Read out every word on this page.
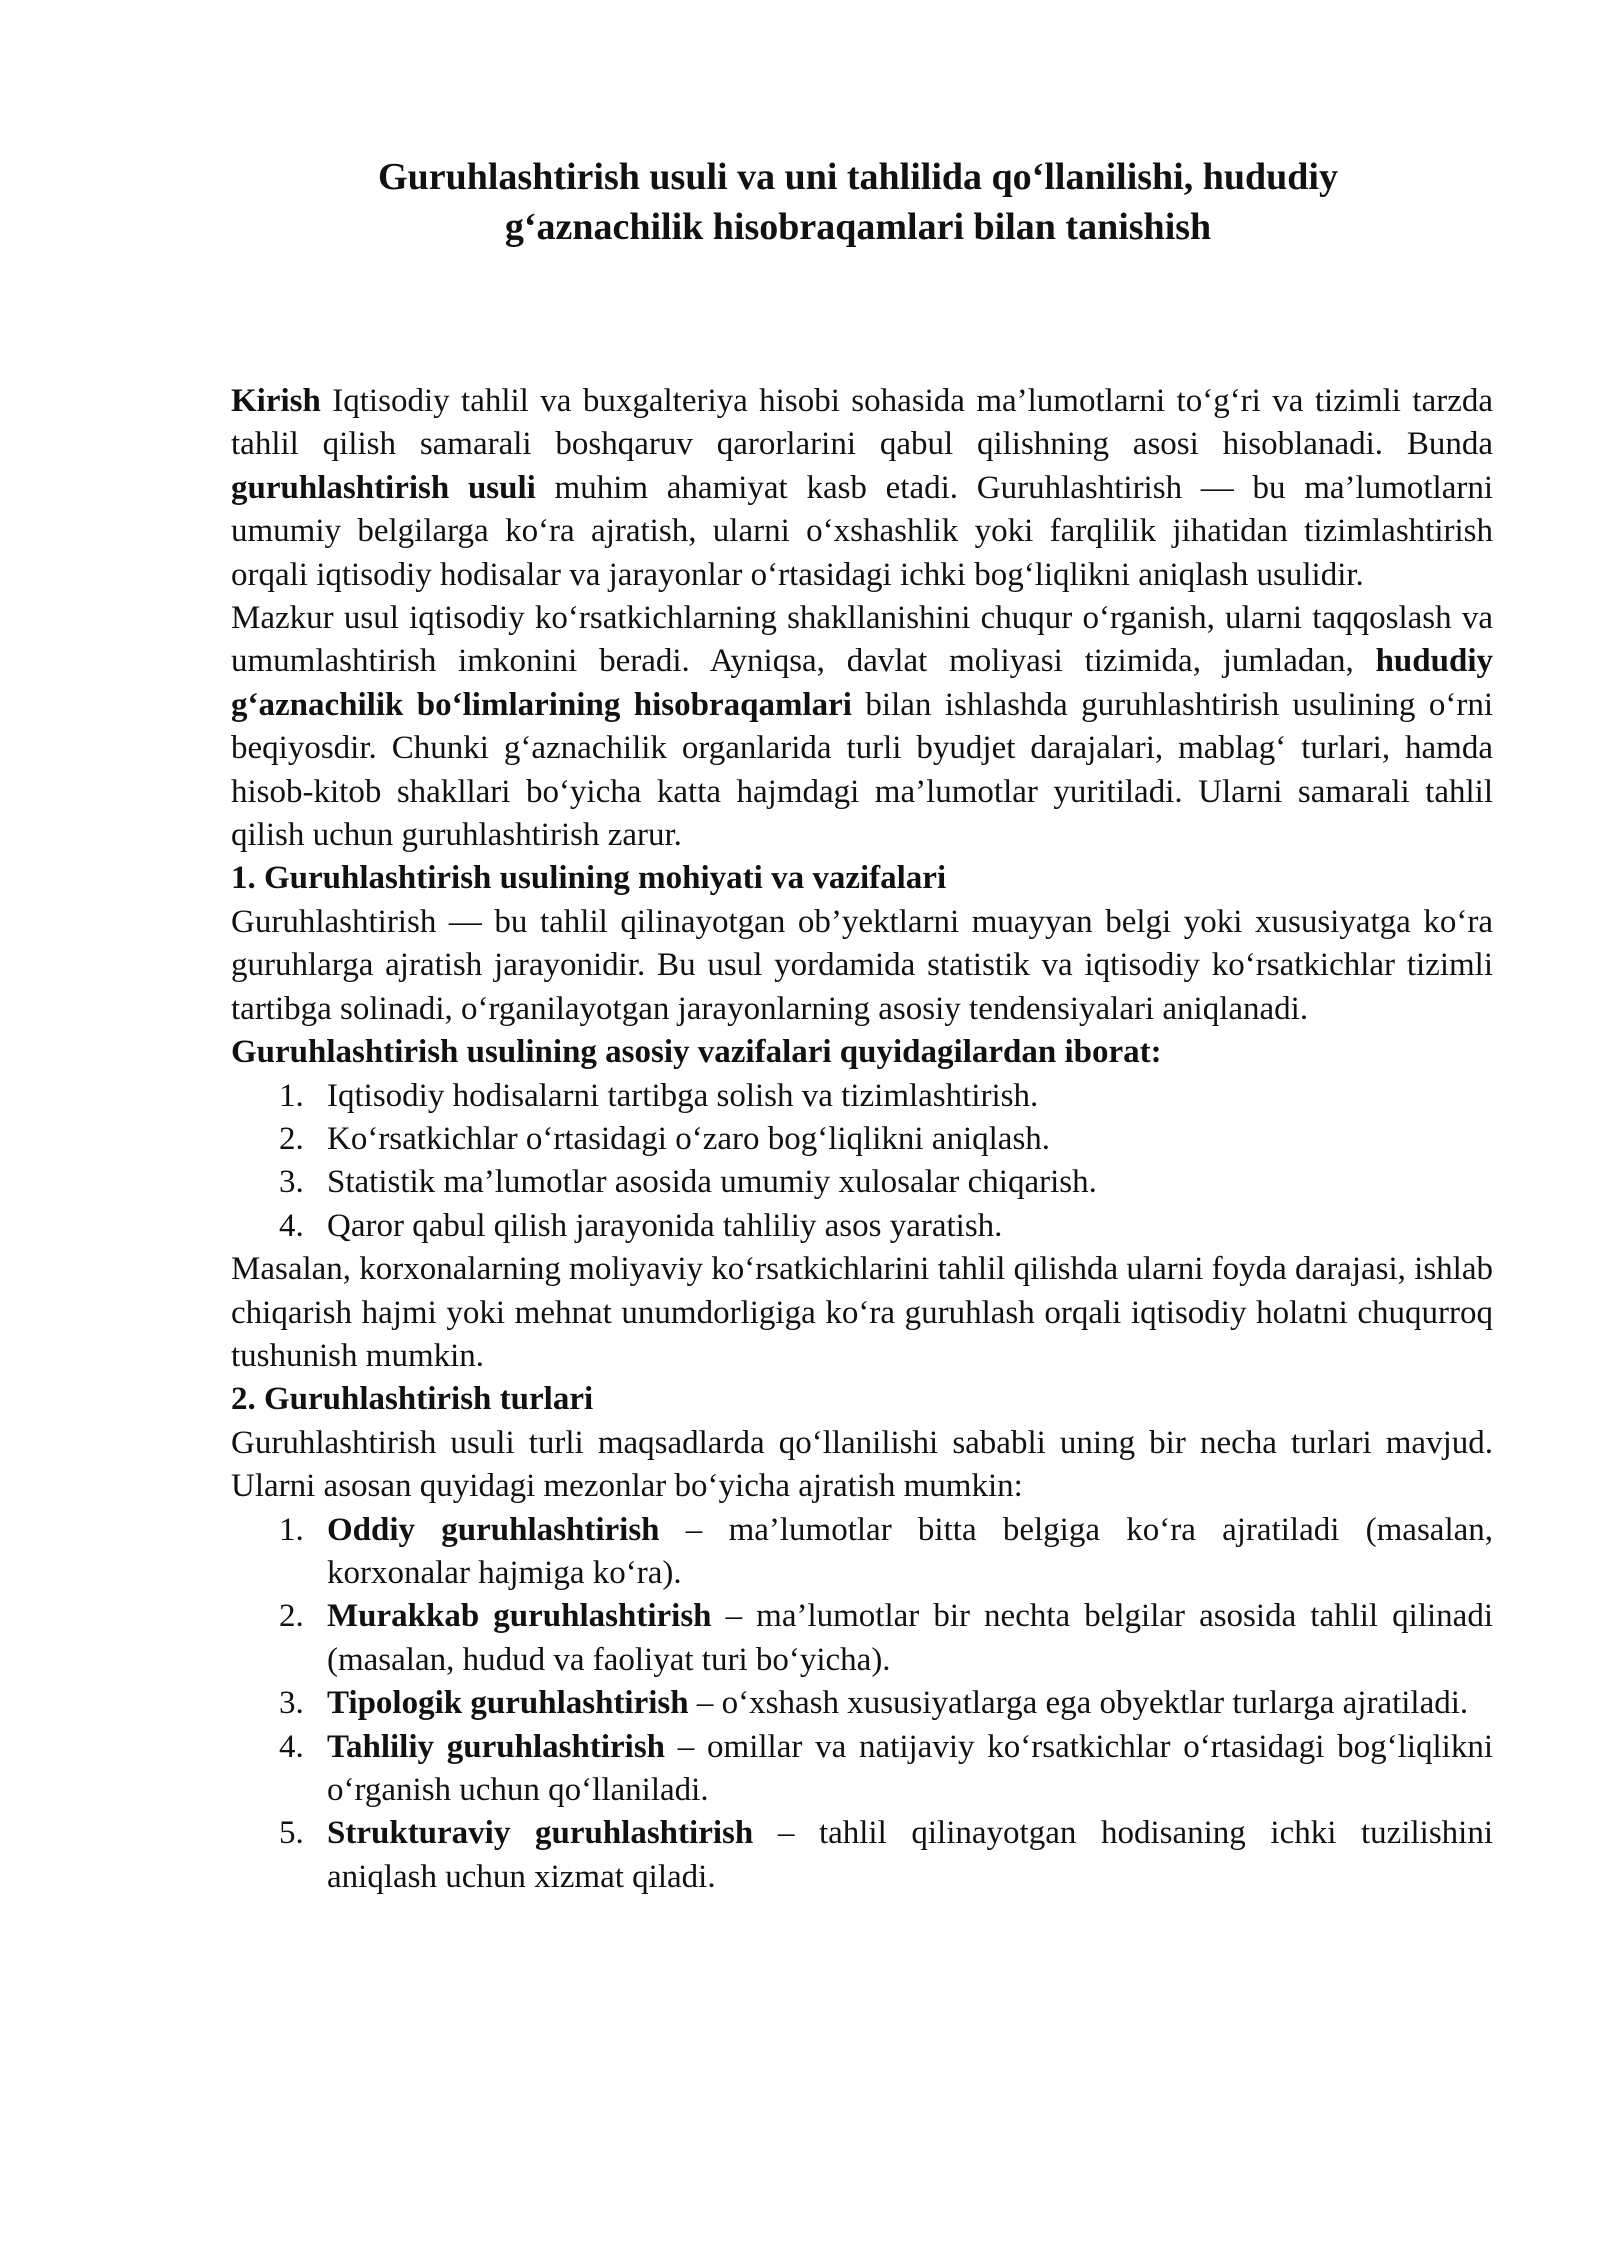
Guruhlashtirish usuli va uni tahlilida qo‘llanilishi, hududiy
g‘aznachilik hisobraqamlari bilan tanishish

Kirish Iqtisodiy tahlil va buxgalteriya hisobi sohasida ma’lumotlarni to‘g‘ri va tizimli tarzda tahlil qilish samarali boshqaruv qarorlarini qabul qilishning asosi hisoblanadi. Bunda guruhlashtirish usuli muhim ahamiyat kasb etadi. Guruhlashtirish — bu ma’lumotlarni umumiy belgilarga ko‘ra ajratish, ularni o‘xshashlik yoki farqlilik jihatidan tizimlashtirish orqali iqtisodiy hodisalar va jarayonlar o‘rtasidagi ichki bog‘liqlikni aniqlash usulidir.

Mazkur usul iqtisodiy ko‘rsatkichlarning shakllanishini chuqur o‘rganish, ularni taqqoslash va umumlashtirish imkonini beradi. Ayniqsa, davlat moliyasi tizimida, jumladan, hududiy g‘aznachilik bo‘limlarining hisobraqamlari bilan ishlashda guruhlashtirish usulining o‘rni beqiyosdir. Chunki g‘aznachilik organlarida turli byudjet darajalari, mablag‘ turlari, hamda hisob-kitob shakllari bo‘yicha katta hajmdagi ma’lumotlar yuritiladi. Ularni samarali tahlil qilish uchun guruhlashtirish zarur.

1. Guruhlashtirish usulining mohiyati va vazifalari

Guruhlashtirish — bu tahlil qilinayotgan ob’yektlarni muayyan belgi yoki xususiyatga ko‘ra guruhlarga ajratish jarayonidir. Bu usul yordamida statistik va iqtisodiy ko‘rsatkichlar tizimli tartibga solinadi, o‘rganilayotgan jarayonlarning asosiy tendensiyalari aniqlanadi.

Guruhlashtirish usulining asosiy vazifalari quyidagilardan iborat:

1. Iqtisodiy hodisalarni tartibga solish va tizimlashtirish.
2. Ko‘rsatkichlar o‘rtasidagi o‘zaro bog‘liqlikni aniqlash.
3. Statistik ma’lumotlar asosida umumiy xulosalar chiqarish.
4. Qaror qabul qilish jarayonida tahliliy asos yaratish.

Masalan, korxonalarning moliyaviy ko‘rsatkichlarini tahlil qilishda ularni foyda darajasi, ishlab chiqarish hajmi yoki mehnat unumdorligiga ko‘ra guruhlash orqali iqtisodiy holatni chuqurroq tushunish mumkin.

2. Guruhlashtirish turlari

Guruhlashtirish usuli turli maqsadlarda qo‘llanilishi sababli uning bir necha turlari mavjud. Ularni asosan quyidagi mezonlar bo‘yicha ajratish mumkin:

1. Oddiy guruhlashtirish – ma’lumotlar bitta belgiga ko‘ra ajratiladi (masalan, korxonalar hajmiga ko‘ra).
2. Murakkab guruhlashtirish – ma’lumotlar bir nechta belgilar asosida tahlil qilinadi (masalan, hudud va faoliyat turi bo‘yicha).
3. Tipologik guruhlashtirish – o‘xshash xususiyatlarga ega obyektlar turlarga ajratiladi.
4. Tahliliy guruhlashtirish – omillar va natijaviy ko‘rsatkichlar o‘rtasidagi bog‘liqlikni o‘rganish uchun qo‘llaniladi.
5. Strukturaviy guruhlashtirish – tahlil qilinayotgan hodisaning ichki tuzilishini aniqlash uchun xizmat qiladi.
